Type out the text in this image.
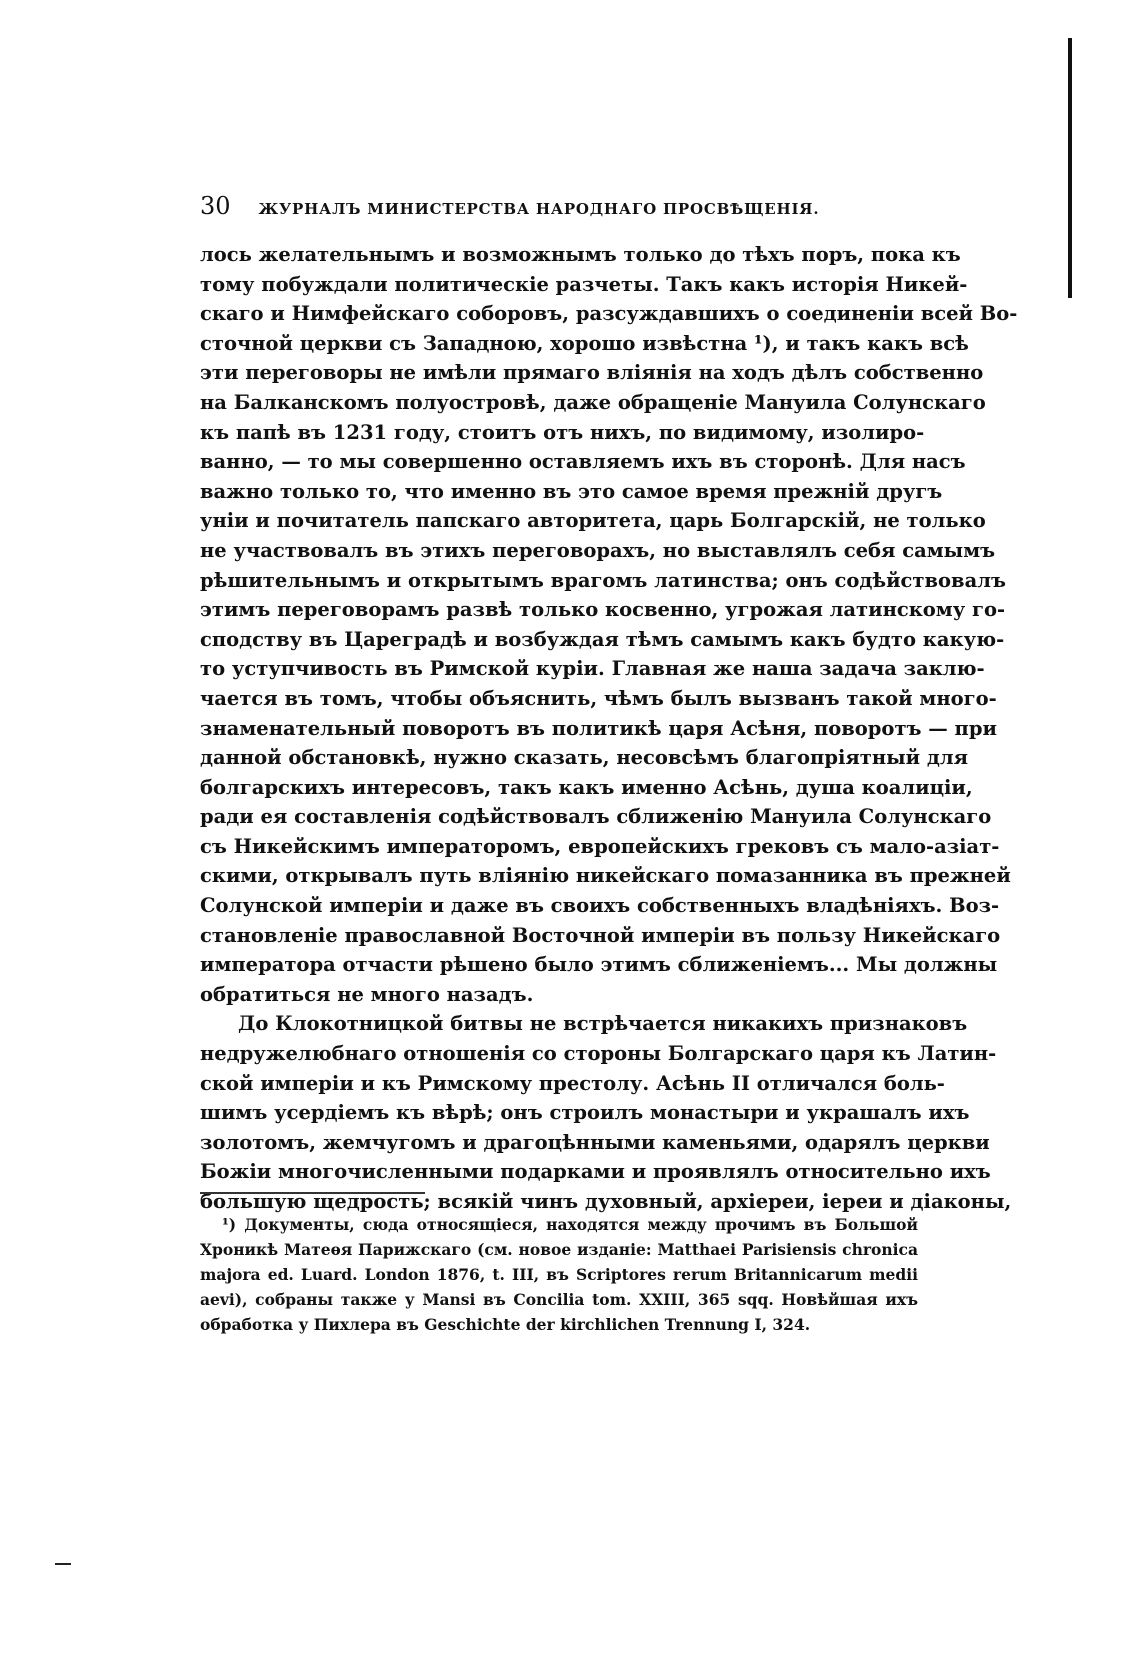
30 ЖУРНАЛЪ МИНИСТЕРСТВА НАРОДНАГО ПРОСВѢЩЕНІЯ.
лось желательнымъ и возможнымъ только до тѣхъ поръ, пока къ
тому побуждали политическіе разчеты. Такъ какъ исторія Никей-
скаго и Нимфейскаго соборовъ, разсуждавшихъ о соединеніи всей Во-
сточной церкви съ Западною, хорошо извѣстна ¹), и такъ какъ всѣ
эти переговоры не имѣли прямаго вліянія на ходъ дѣлъ собственно
на Балканскомъ полуостровѣ, даже обращеніе Мануила Солунскаго
къ папѣ въ 1231 году, стоитъ отъ нихъ, по видимому, изолиро-
ванно, — то мы совершенно оставляемъ ихъ въ сторонѣ. Для насъ
важно только то, что именно въ это самое время прежній другъ
уніи и почитатель папскаго авторитета, царь Болгарскій, не только
не участвовалъ въ этихъ переговорахъ, но выставлялъ себя самымъ
рѣшительнымъ и открытымъ врагомъ латинства; онъ содѣйствовалъ
этимъ переговорамъ развѣ только косвенно, угрожая латинскому го-
сподству въ Цареградѣ и возбуждая тѣмъ самымъ какъ будто какую-
то уступчивость въ Римской куріи. Главная же наша задача заклю-
чается въ томъ, чтобы объяснить, чѣмъ былъ вызванъ такой много-
знаменательный поворотъ въ политикѣ царя Асѣня, поворотъ — при
данной обстановкѣ, нужно сказать, несовсѣмъ благопріятный для
болгарскихъ интересовъ, такъ какъ именно Асѣнь, душа коалиціи,
ради ея составленія содѣйствовалъ сближенію Мануила Солунскаго
съ Никейскимъ императоромъ, европейскихъ грековъ съ мало-азіат-
скими, открывалъ путь вліянію никейскаго помазанника въ прежней
Солунской имперіи и даже въ своихъ собственныхъ владѣніяхъ. Воз-
становленіе православной Восточной имперіи въ пользу Никейскаго
императора отчасти рѣшено было этимъ сближеніемъ... Мы должны
обратиться не много назадъ.
До Клокотницкой битвы не встрѣчается никакихъ признаковъ
недружелюбнаго отношенія со стороны Болгарскаго царя къ Латин-
ской имперіи и къ Римскому престолу. Асѣнь II отличался боль-
шимъ усердіемъ къ вѣрѣ; онъ строилъ монастыри и украшалъ ихъ
золотомъ, жемчугомъ и драгоцѣнными каменьями, одарялъ церкви
Божіи многочисленными подарками и проявлялъ относительно ихъ
большую щедрость; всякій чинъ духовный, архіереи, іереи и діаконы,
¹) Документы, сюда относящіеся, находятся между прочимъ въ Большой
Хроникѣ Матеѳя Парижскаго (см. новое изданіе: Matthaei Parisiensis chronica
majora ed. Luard. London 1876, t. III, въ Scriptores rerum Britannicarum medii
aevi), собраны также у Mansi въ Concilia tom. XXIII, 365 sqq. Новѣйшая ихъ
обработка у Пихлера въ Geschichte der kirchlichen Trennung I, 324.
